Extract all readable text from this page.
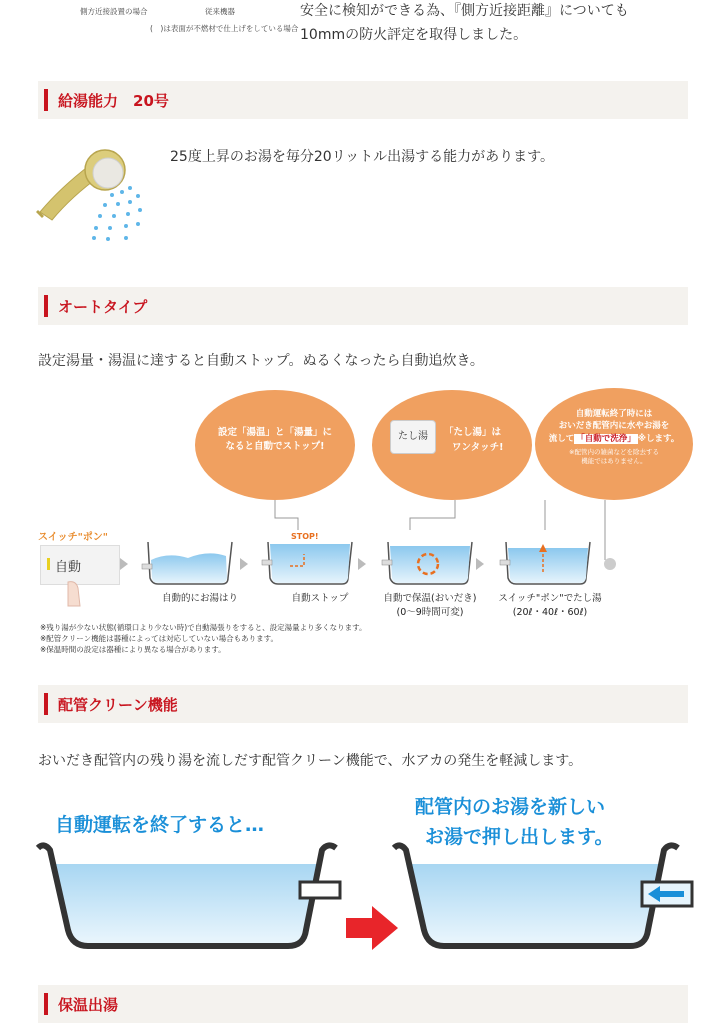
側方近接設置の場合	従来機器
(　)は表面が不燃材で仕上げをしている場合
安全に検知ができる為、『側方近接距離』についても
10mmの防火評定を取得しました。
給湯能力　20号
25度上昇のお湯を毎分20リットル出湯する能力があります。
オートタイプ
設定湯量・湯温に達すると自動ストップ。ぬるくなったら自動追炊き。
設定「湯温」と「湯量」に
なると自動でストップ!
たし湯	「たし湯」は
ワンタッチ!
自動運転終了時には
おいだき配管内に水やお湯を
流して 「自動で洗浄」 ※します。
※配管内の雑菌などを除去する
機能ではありません。
スイッチ"ポン"
自動
STOP!
自動的にお湯はり	自動ストップ	自動で保温(おいだき)
(0〜9時間可変)
スイッチ"ポン"でたし湯
(20ℓ・40ℓ・60ℓ)
※残り湯が少ない状態(循環口より少ない時)で自動湯張りをすると、設定湯量より多くなります。
※配管クリーン機能は器種によっては対応していない場合もあります。
※保温時間の設定は器種により異なる場合があります。
配管クリーン機能
おいだき配管内の残り湯を流しだす配管クリーン機能で、水アカの発生を軽減します。
自動運転を終了すると…
配管内のお湯を新しい
お湯で押し出します。
保温出湯
